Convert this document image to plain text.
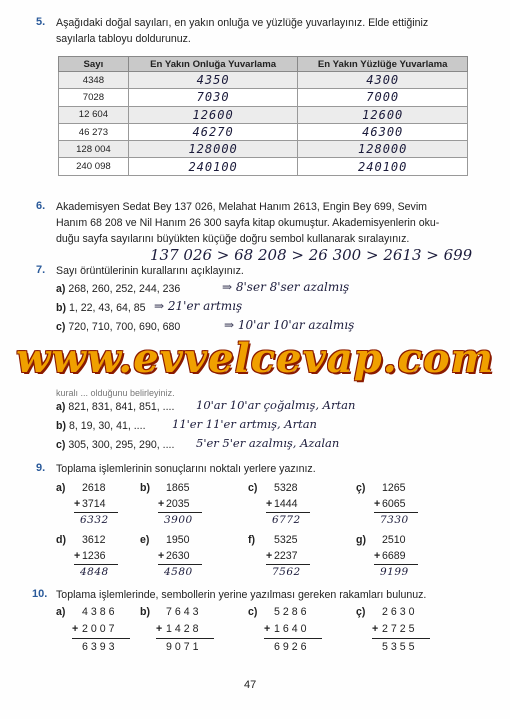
5. Aşağıdaki doğal sayıları, en yakın onluğa ve yüzlüğe yuvarlayınız. Elde ettiğiniz
sayılarla tabloyu doldurunuz.
Sayı	En Yakın Onluğa Yuvarlama	En Yakın Yüzlüğe Yuvarlama
4348	4350	4300
7028	7030	7000
12 604	12600	12600
46 273	46270	46300
128 004	128000	128000
240 098	240100	240100
6. Akademisyen Sedat Bey 137 026, Melahat Hanım 2613, Engin Bey 699, Sevim
Hanım 68 208 ve Nil Hanım 26 300 sayfa kitap okumuştur. Akademisyenlerin oku-
duğu sayfa sayılarını büyükten küçüğe doğru sembol kullanarak sıralayınız.
137 026 > 68 208 > 26 300 > 2613 > 699
7. Sayı örüntülerinin kurallarını açıklayınız.
a) 268, 260, 252, 244, 236	⇒ 8'ser 8'ser azalmış
b) 1, 22, 43, 64, 85 ⇒ 21'er artmış
c) 720, 710, 700, 690, 680	⇒ 10'ar 10'ar azalmış
www.evvelcevap.com
kuralı ... olduğunu belirleyiniz.
a) 821, 831, 841, 851, .... 10'ar 10'ar çoğalmış, Artan
b) 8, 19, 30, 41, .... 11'er 11'er artmış, Artan
c) 305, 300, 295, 290, .... 5'er 5'er azalmış, Azalan
9. Toplama işlemlerinin sonuçlarını noktalı yerlere yazınız.
a) 2618
+ 3714
6332
b) 1865
+ 2035
3900
c) 5328
+ 1444
6772
ç) 1265
+ 6065
7330
d) 3612
+ 1236
4848
e) 1950
+ 2630
4580
f) 5325
+ 2237
7562
g) 2510
+ 6689
9199
10. Toplama işlemlerinde, sembollerin yerine yazılması gereken rakamları bulunuz.
a) 4386
+ 2007
6393
b) 7643
+ 1428
9071
c) 5286
+ 1640
6926
ç) 2630
+ 2725
5355
47
